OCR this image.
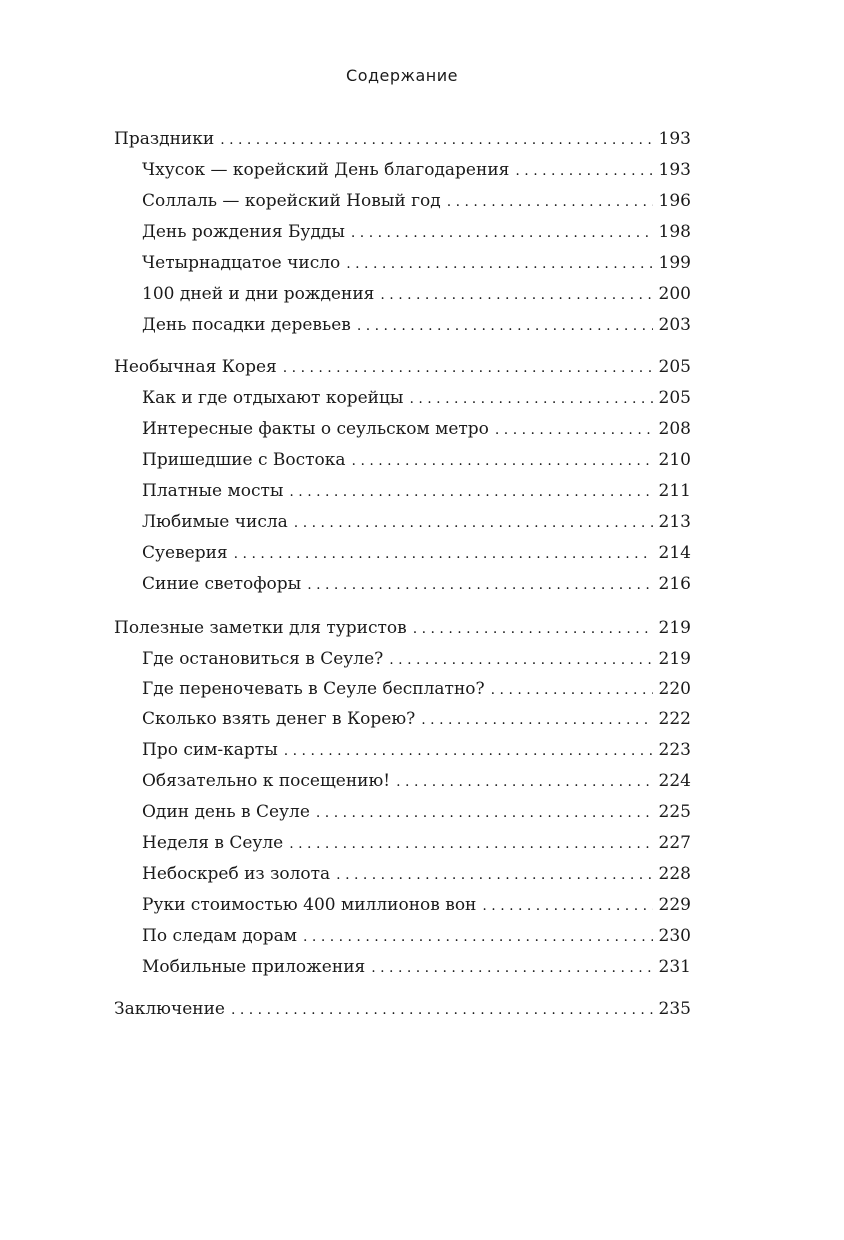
Содержание
Праздники . . .	193
Чхусок — корейский День благодарения . . .	193
Соллаль — корейский Новый год . . .	196
День рождения Будды . . .	198
Четырнадцатое число . . .	199
100 дней и дни рождения . . .	200
День посадки деревьев . . .	203
Необычная Корея . . .	205
Как и где отдыхают корейцы . . .	205
Интересные факты о сеульском метро . . .	208
Пришедшие с Востока . . .	210
Платные мосты . . .	211
Любимые числа . . .	213
Суеверия . . .	214
Синие светофоры . . .	216
Полезные заметки для туристов . . .	219
Где остановиться в Сеуле? . . .	219
Где переночевать в Сеуле бесплатно? . . .	220
Сколько взять денег в Корею? . . .	222
Про сим-карты . . .	223
Обязательно к посещению! . . .	224
Один день в Сеуле . . .	225
Неделя в Сеуле . . .	227
Небоскреб из золота . . .	228
Руки стоимостью 400 миллионов вон . . .	229
По следам дорам . . .	230
Мобильные приложения . . .	231
Заключение . . .	235
